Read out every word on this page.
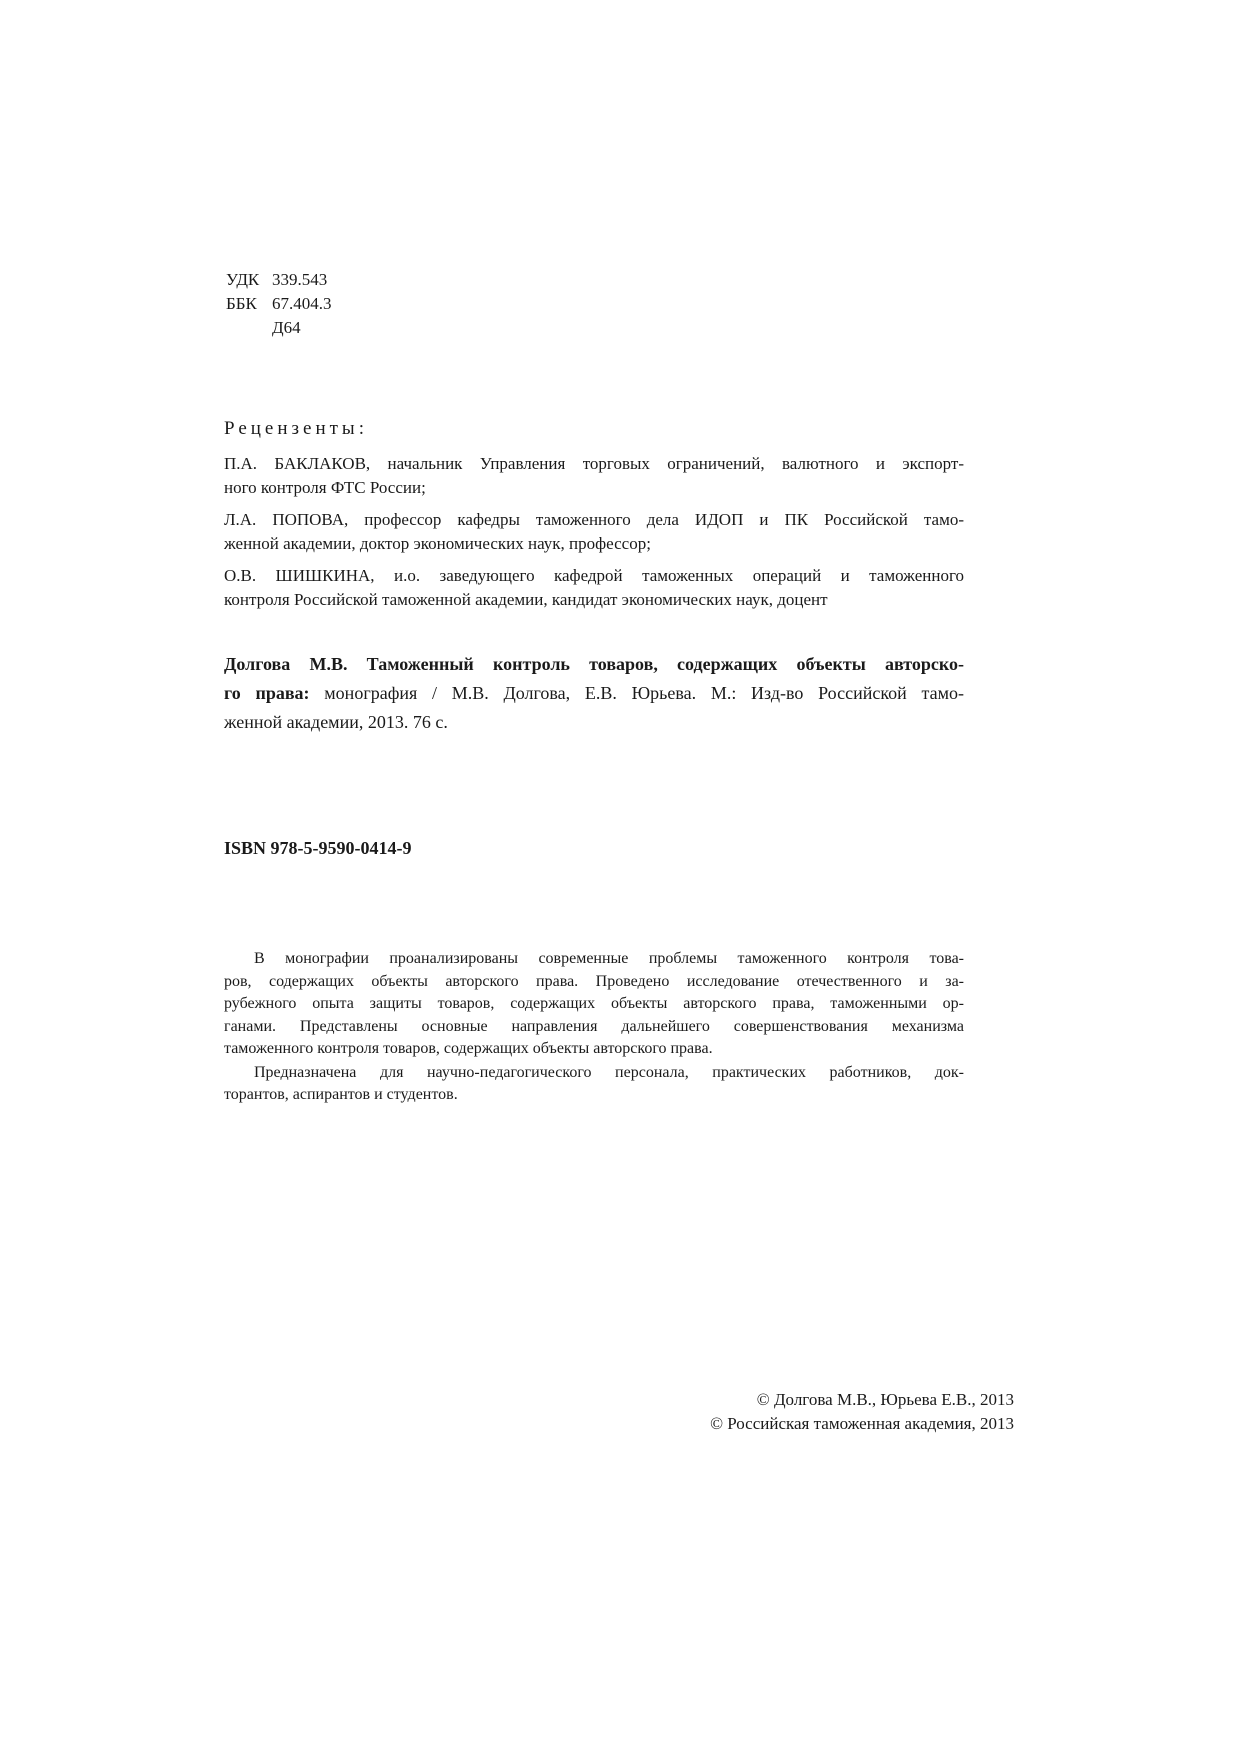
УДК 339.543
ББК 67.404.3
Д64
Рецензенты:
П.А. БАКЛАКОВ, начальник Управления торговых ограничений, валютного и экспорт-
ного контроля ФТС России;
Л.А. ПОПОВА, профессор кафедры таможенного дела ИДОП и ПК Российской тамо-
женной академии, доктор экономических наук, профессор;
О.В. ШИШКИНА, и.о. заведующего кафедрой таможенных операций и таможенного
контроля Российской таможенной академии, кандидат экономических наук, доцент
Долгова М.В. Таможенный контроль товаров, содержащих объекты авторско-
го права: монография / М.В. Долгова, Е.В. Юрьева. М.: Изд-во Российской тамо-
женной академии, 2013. 76 с.
ISBN 978-5-9590-0414-9
В монографии проанализированы современные проблемы таможенного контроля това-
ров, содержащих объекты авторского права. Проведено исследование отечественного и за-
рубежного опыта защиты товаров, содержащих объекты авторского права, таможенными ор-
ганами. Представлены основные направления дальнейшего совершенствования механизма
таможенного контроля товаров, содержащих объекты авторского права.
Предназначена для научно-педагогического персонала, практических работников, док-
торантов, аспирантов и студентов.
© Долгова М.В., Юрьева Е.В., 2013
© Российская таможенная академия, 2013
